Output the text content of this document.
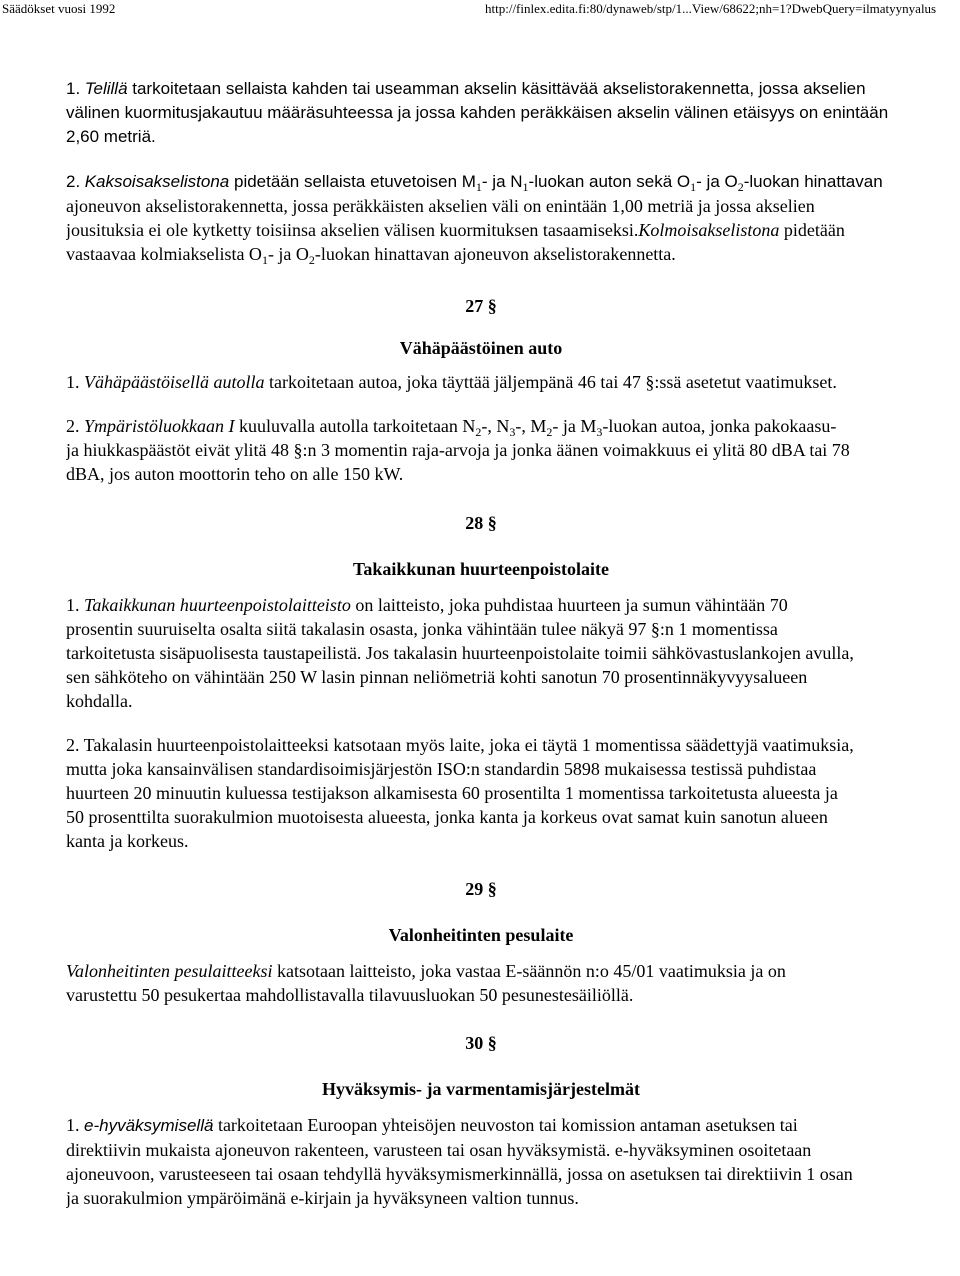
Säädökset vuosi 1992	http://finlex.edita.fi:80/dynaweb/stp/1...View/68622;nh=1?DwebQuery=ilmatyynyalus
1. Telillä tarkoitetaan sellaista kahden tai useamman akselin käsittävää akselistorakennetta, jossa akselien
välinen kuormitusjakautuu määräsuhteessa ja jossa kahden peräkkäisen akselin välinen etäisyys on enintään
2,60 metriä.
2. Kaksoisakselistona pidetään sellaista etuvetoisen $M_1-$ ja $N_1$-luokan auton sekä $O_1-$ ja $O_2$-luokan hinattavan
ajoneuvon akselistorakennetta, jossa peräkkäisten akselien väli on enintään 1,00 metriä ja jossa akselien
jousituksia ei ole kytketty toisiinsa akselien välisen kuormituksen tasaamiseksi.Kolmoisakselistona pidetään
vastaavaa kolmiakselista $O_1-$ ja $O_2$-luokan hinattavan ajoneuvon akselistorakennetta.
27 §
Vähäpäästöinen auto
1. Vähäpäästöisellä autolla tarkoitetaan autoa, joka täyttää jäljempänä 46 tai 47 §:ssä asetetut vaatimukset.
2. Ympäristöluokkaan I kuuluvalla autolla tarkoitetaan $N_2-$, $N_3-$, $M_2-$ ja $M_3$-luokan autoa, jonka pakokaasu-
ja hiukkaspäästöt eivät ylitä 48 §:n 3 momentin raja-arvoja ja jonka äänen voimakkuus ei ylitä 80 dBA tai 78
dBA, jos auton moottorin teho on alle 150 kW.
28 §
Takaikkunan huurteenpoistolaite
1. Takaikkunan huurteenpoistolaitteisto on laitteisto, joka puhdistaa huurteen ja sumun vähintään 70
prosentin suuruiselta osalta siitä takalasin osasta, jonka vähintään tulee näkyä 97 §:n 1 momentissa
tarkoitetusta sisäpuolisesta taustapeilistä. Jos takalasin huurteenpoistolaite toimii sähkövastuslankojen avulla,
sen sähköteho on vähintään 250 W lasin pinnan neliömetriä kohti sanotun 70 prosentinnäkyvyysalueen
kohdalla.
2. Takalasin huurteenpoistolaitteeksi katsotaan myös laite, joka ei täytä 1 momentissa säädettyjä vaatimuksia,
mutta joka kansainvälisen standardisoimisjärjestön ISO:n standardin 5898 mukaisessa testissä puhdistaa
huurteen 20 minuutin kuluessa testijakson alkamisesta 60 prosentilta 1 momentissa tarkoitetusta alueesta ja
50 prosenttilta suorakulmion muotoisesta alueesta, jonka kanta ja korkeus ovat samat kuin sanotun alueen
kanta ja korkeus.
29 §
Valonheitinten pesulaite
Valonheitinten pesulaitteeksi katsotaan laitteisto, joka vastaa E-säännön n:o 45/01 vaatimuksia ja on
varustettu 50 pesukertaa mahdollistavalla tilavuusluokan 50 pesunestesäiliöllä.
30 §
Hyväksymis- ja varmentamisjärjestelmät
1. e-hyväksymisellä tarkoitetaan Euroopan yhteisöjen neuvoston tai komission antaman asetuksen tai
direktiivin mukaista ajoneuvon rakenteen, varusteen tai osan hyväksymistä. e-hyväksyminen osoitetaan
ajoneuvoon, varusteeseen tai osaan tehdyllä hyväksymismerkinnällä, jossa on asetuksen tai direktiivin 1 osan
ja suorakulmion ympäröimänä e-kirjain ja hyväksyneen valtion tunnus.
